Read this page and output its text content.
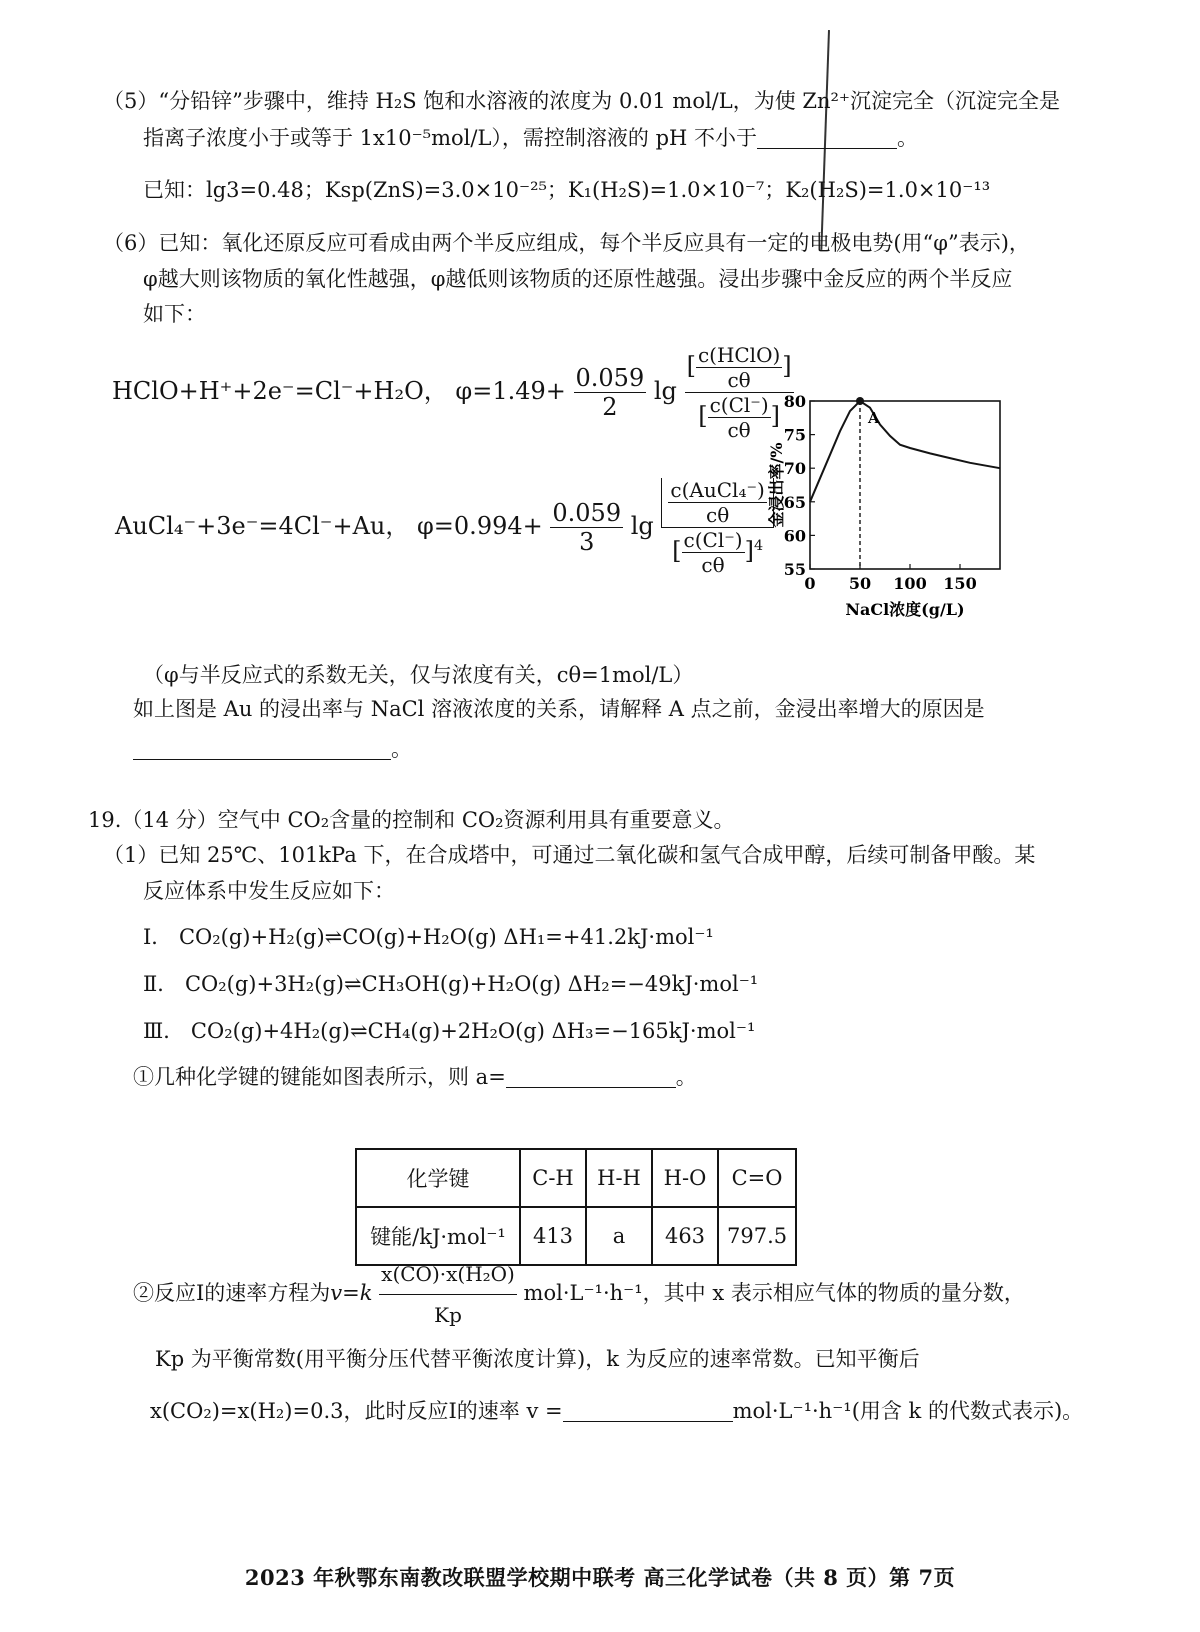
（5）“分铅锌”步骤中，维持 H₂S 饱和水溶液的浓度为 0.01 mol/L，为使 Zn²⁺沉淀完全（沉淀完全是
指离子浓度小于或等于 1x10⁻⁵mol/L），需控制溶液的 pH 不小于	。
已知：lg3=0.48；Ksp(ZnS)=3.0×10⁻²⁵；K₁(H₂S)=1.0×10⁻⁷；K₂(H₂S)=1.0×10⁻¹³
（6）已知：氧化还原反应可看成由两个半反应组成，每个半反应具有一定的电极电势(用“φ”表示)，
φ越大则该物质的氧化性越强，φ越低则该物质的还原性越强。浸出步骤中金反应的两个半反应
如下：
HClO+H⁺+2e⁻=Cl⁻+H₂O， $\varphi=1.49+ \frac{0.059}{2}$ $\lg \frac{[ \frac{\text{c(HClO)}}{c\theta} ]}{[ \frac{c(Cl^-)}{c\theta} ]}$
AuCl₄⁻+3e⁻=4Cl⁻+Au， $\varphi=0.994+ \frac{0.059}{3}$ $\lg \frac{\frac{\text{c(AuCl₄⁻)}}{c\theta}}{[ \frac{c(Cl^-)}{c\theta} ]^4} 55$
60
65
70
75
80
0 50 100 150
A
NaCl浓度(g/L)
金浸出率/%
（φ与半反应式的系数无关，仅与浓度有关，cθ=1mol/L）
如上图是 Au 的浸出率与 NaCl 溶液浓度的关系，请解释 A 点之前，金浸出率增大的原因是
。
19.（14 分）空气中 CO₂含量的控制和 CO₂资源利用具有重要意义。
（1）已知 25℃、101kPa 下，在合成塔中，可通过二氧化碳和氢气合成甲醇，后续可制备甲酸。某
反应体系中发生反应如下：
Ⅰ． CO₂(g)+H₂(g)⇌CO(g)+H₂O(g) ΔH₁=+41.2kJ·mol⁻¹
Ⅱ． CO₂(g)+3H₂(g)⇌CH₃OH(g)+H₂O(g) ΔH₂=−49kJ·mol⁻¹
Ⅲ． CO₂(g)+4H₂(g)⇌CH₄(g)+2H₂O(g) ΔH₃=−165kJ·mol⁻¹
①几种化学键的键能如图表所示，则 a=	。
化学键	C-H	H-H	H-O	C=O
键能/kJ·mol⁻¹	413	a	463	797.5
②反应Ⅰ的速率方程为$v=k \frac{\text{x(CO)·x(H₂O)}}{Kp} mol\cdot L^{-1}\cdot h^{-1}$，其中 x 表示相应气体的物质的量分数，
Kp 为平衡常数(用平衡分压代替平衡浓度计算)，k 为反应的速率常数。已知平衡后
x(CO₂)=x(H₂)=0.3，此时反应Ⅰ的速率 v =	mol·L⁻¹·h⁻¹(用含 k 的代数式表示)。
2023 年秋鄂东南教改联盟学校期中联考 高三化学试卷（共 8 页）第 7页
